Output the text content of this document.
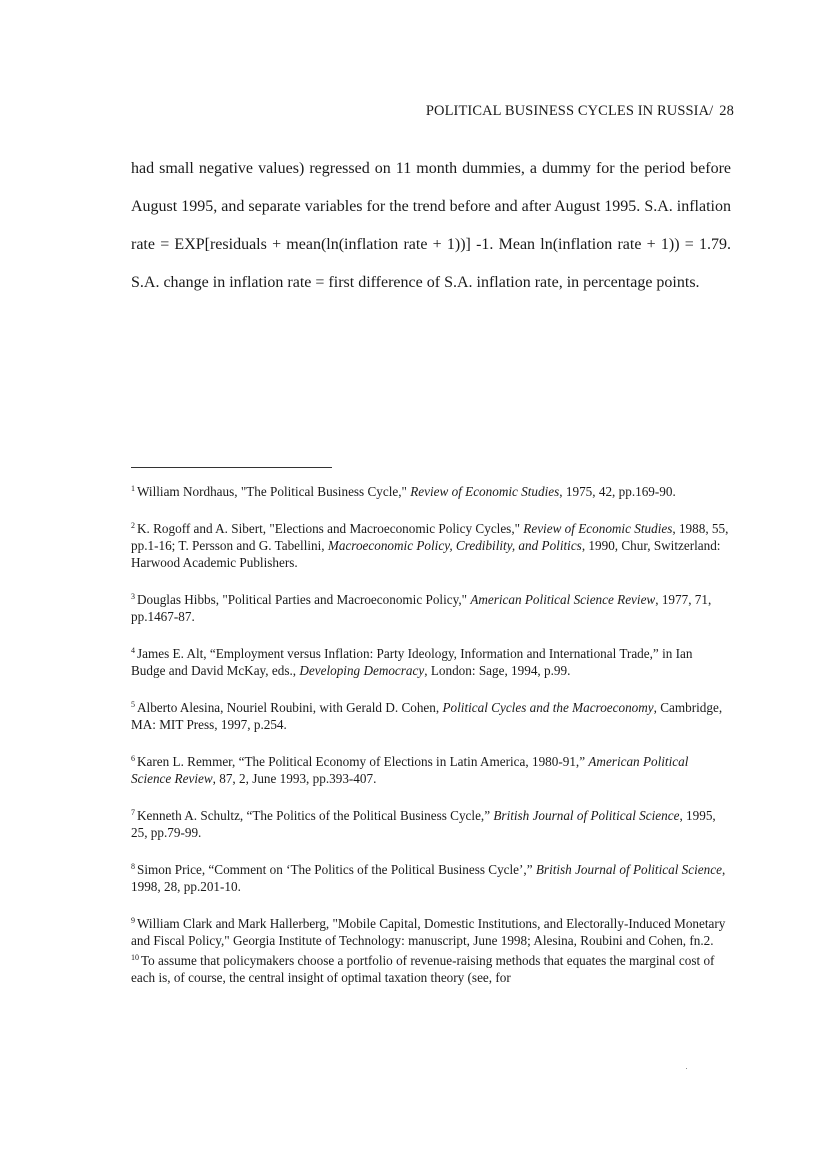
POLITICAL BUSINESS CYCLES IN RUSSIA/ 28

had small negative values) regressed on 11 month dummies, a dummy for the period before August 1995, and separate variables for the trend before and after August 1995. S.A. inflation rate = EXP[residuals + mean(ln(inflation rate + 1))] -1. Mean ln(inflation rate + 1)) = 1.79. S.A. change in inflation rate = first difference of S.A. inflation rate, in percentage points.

$^1$ William Nordhaus, "The Political Business Cycle," Review of Economic Studies, 1975, 42, pp.169-90.

$^2$ K. Rogoff and A. Sibert, "Elections and Macroeconomic Policy Cycles," Review of Economic Studies, 1988, 55, pp.1-16; T. Persson and G. Tabellini, Macroeconomic Policy, Credibility, and Politics, 1990, Chur, Switzerland: Harwood Academic Publishers.

$^3$ Douglas Hibbs, "Political Parties and Macroeconomic Policy," American Political Science Review, 1977, 71, pp.1467-87.

$^4$ James E. Alt, “Employment versus Inflation: Party Ideology, Information and International Trade,” in Ian Budge and David McKay, eds., Developing Democracy, London: Sage, 1994, p.99.

$^5$ Alberto Alesina, Nouriel Roubini, with Gerald D. Cohen, Political Cycles and the Macroeconomy, Cambridge, MA: MIT Press, 1997, p.254.

$^6$ Karen L. Remmer, “The Political Economy of Elections in Latin America, 1980-91,” American Political Science Review, 87, 2, June 1993, pp.393-407.

$^7$ Kenneth A. Schultz, “The Politics of the Political Business Cycle,” British Journal of Political Science, 1995, 25, pp.79-99.

$^8$ Simon Price, “Comment on ‘The Politics of the Political Business Cycle’,” British Journal of Political Science, 1998, 28, pp.201-10.

$^9$ William Clark and Mark Hallerberg, "Mobile Capital, Domestic Institutions, and Electorally-Induced Monetary and Fiscal Policy," Georgia Institute of Technology: manuscript, June 1998; Alesina, Roubini and Cohen, fn.2.

$^{10}$ To assume that policymakers choose a portfolio of revenue-raising methods that equates the marginal cost of each is, of course, the central insight of optimal taxation theory (see, for
